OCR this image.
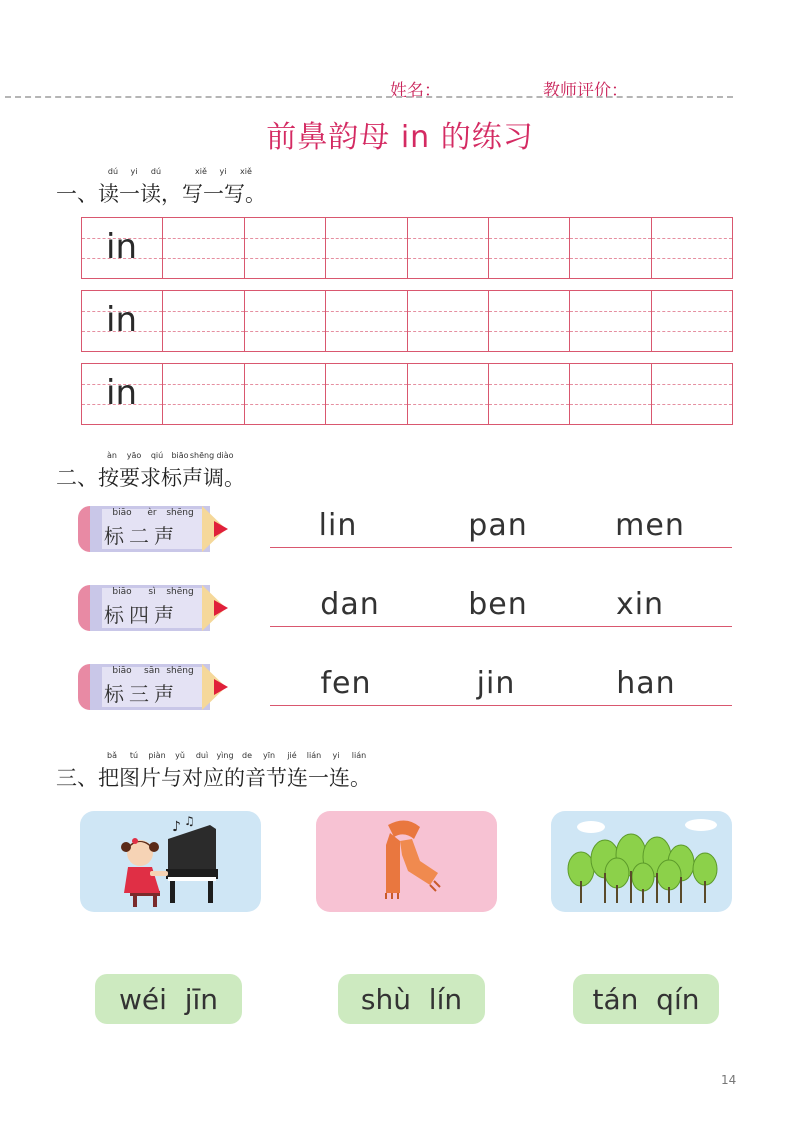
姓名：	教师评价：
前鼻韵母 in 的练习
dú yi dú	xiě yi xiě
一、读一读，写一写。
in
in
in
àn yāo qiú biāo shēng diào
二、按要求标声调。
biāo èr shēng
标二声	lin	pan	men
biāo sì shēng
标四声	dan	ben	xin
biāo sān shēng
标三声	fen	jin	han
bǎ tú piàn yǔ duì yìng de yīn jié lián yi lián
三、把图片与对应的音节连一连。
♪ ♫
wéi  jīn	shù  lín	tán  qín
14
